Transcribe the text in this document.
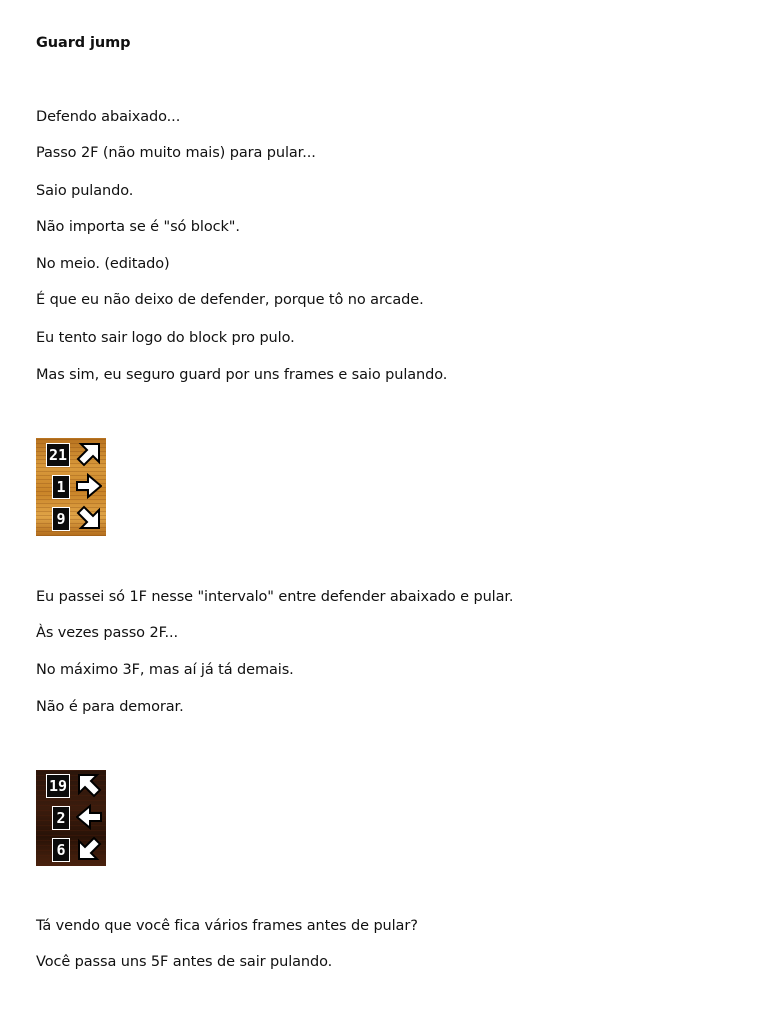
Guard jump
Defendo abaixado...
Passo 2F (não muito mais) para pular...
Saio pulando.
Não importa se é "só block".
No meio. (editado)
É que eu não deixo de defender, porque tô no arcade.
Eu tento sair logo do block pro pulo.
Mas sim, eu seguro guard por uns frames e saio pulando.
21
1
9
Eu passei só 1F nesse "intervalo" entre defender abaixado e pular.
Às vezes passo 2F...
No máximo 3F, mas aí já tá demais.
Não é para demorar.
19
2
6
Tá vendo que você fica vários frames antes de pular?
Você passa uns 5F antes de sair pulando.
